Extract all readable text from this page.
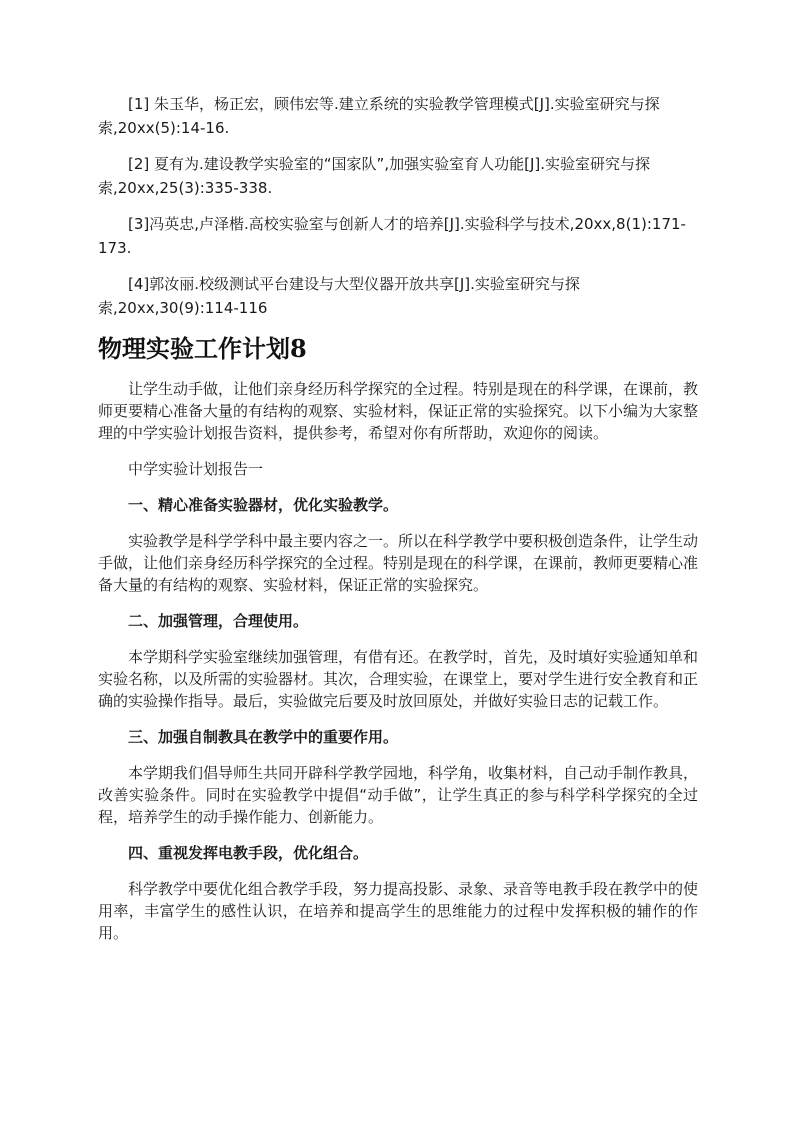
[1] 朱玉华，杨正宏，顾伟宏等.建立系统的实验教学管理模式[J].实验室研究与探索,20xx(5):14-16.

[2] 夏有为.建设教学实验室的“国家队”,加强实验室育人功能[J].实验室研究与探索,20xx,25(3):335-338.

[3]冯英忠,卢泽楷.高校实验室与创新人才的培养[J].实验科学与技术,20xx,8(1):171-173.

[4]郭汝丽.校级测试平台建设与大型仪器开放共享[J].实验室研究与探索,20xx,30(9):114-116

物理实验工作计划8

让学生动手做，让他们亲身经历科学探究的全过程。特别是现在的科学课，在课前，教师更要精心准备大量的有结构的观察、实验材料，保证正常的实验探究。以下小编为大家整理的中学实验计划报告资料，提供参考，希望对你有所帮助，欢迎你的阅读。

中学实验计划报告一

一、精心准备实验器材，优化实验教学。

实验教学是科学学科中最主要内容之一。所以在科学教学中要积极创造条件，让学生动手做，让他们亲身经历科学探究的全过程。特别是现在的科学课，在课前，教师更要精心准备大量的有结构的观察、实验材料，保证正常的实验探究。

二、加强管理，合理使用。

本学期科学实验室继续加强管理，有借有还。在教学时，首先，及时填好实验通知单和实验名称，以及所需的实验器材。其次，合理实验，在课堂上，要对学生进行安全教育和正确的实验操作指导。最后，实验做完后要及时放回原处，并做好实验日志的记载工作。

三、加强自制教具在教学中的重要作用。

本学期我们倡导师生共同开辟科学教学园地，科学角，收集材料，自己动手制作教具，改善实验条件。同时在实验教学中提倡“动手做”，让学生真正的参与科学科学探究的全过程，培养学生的动手操作能力、创新能力。

四、重视发挥电教手段，优化组合。

科学教学中要优化组合教学手段，努力提高投影、录象、录音等电教手段在教学中的使用率，丰富学生的感性认识，在培养和提高学生的思维能力的过程中发挥积极的辅作的作用。
